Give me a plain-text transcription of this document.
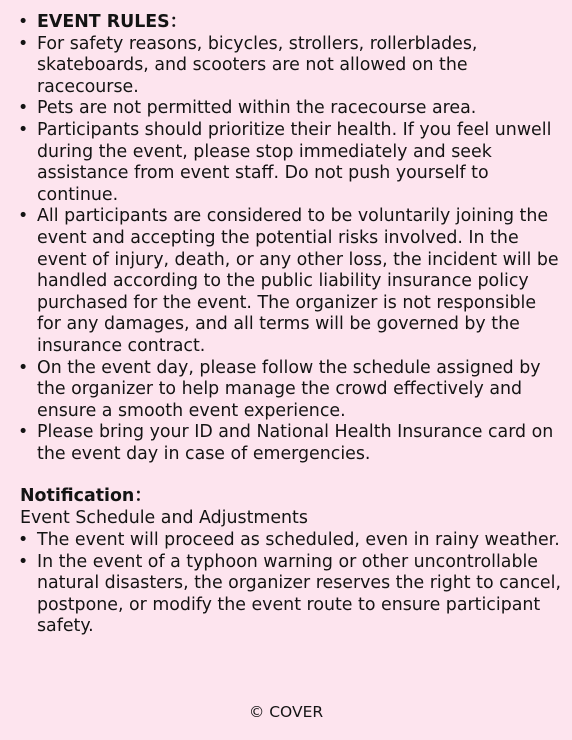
• EVENT RULES：
• For safety reasons, bicycles, strollers, rollerblades, skateboards, and scooters are not allowed on the racecourse.
• Pets are not permitted within the racecourse area.
• Participants should prioritize their health. If you feel unwell during the event, please stop immediately and seek assistance from event staff. Do not push yourself to continue.
• All participants are considered to be voluntarily joining the event and accepting the potential risks involved. In the event of injury, death, or any other loss, the incident will be handled according to the public liability insurance policy purchased for the event. The organizer is not responsible for any damages, and all terms will be governed by the insurance contract.
• On the event day, please follow the schedule assigned by the organizer to help manage the crowd effectively and ensure a smooth event experience.
• Please bring your ID and National Health Insurance card on the event day in case of emergencies.
Notification：
Event Schedule and Adjustments
• The event will proceed as scheduled, even in rainy weather.
• In the event of a typhoon warning or other uncontrollable natural disasters, the organizer reserves the right to cancel, postpone, or modify the event route to ensure participant safety.
© COVER
